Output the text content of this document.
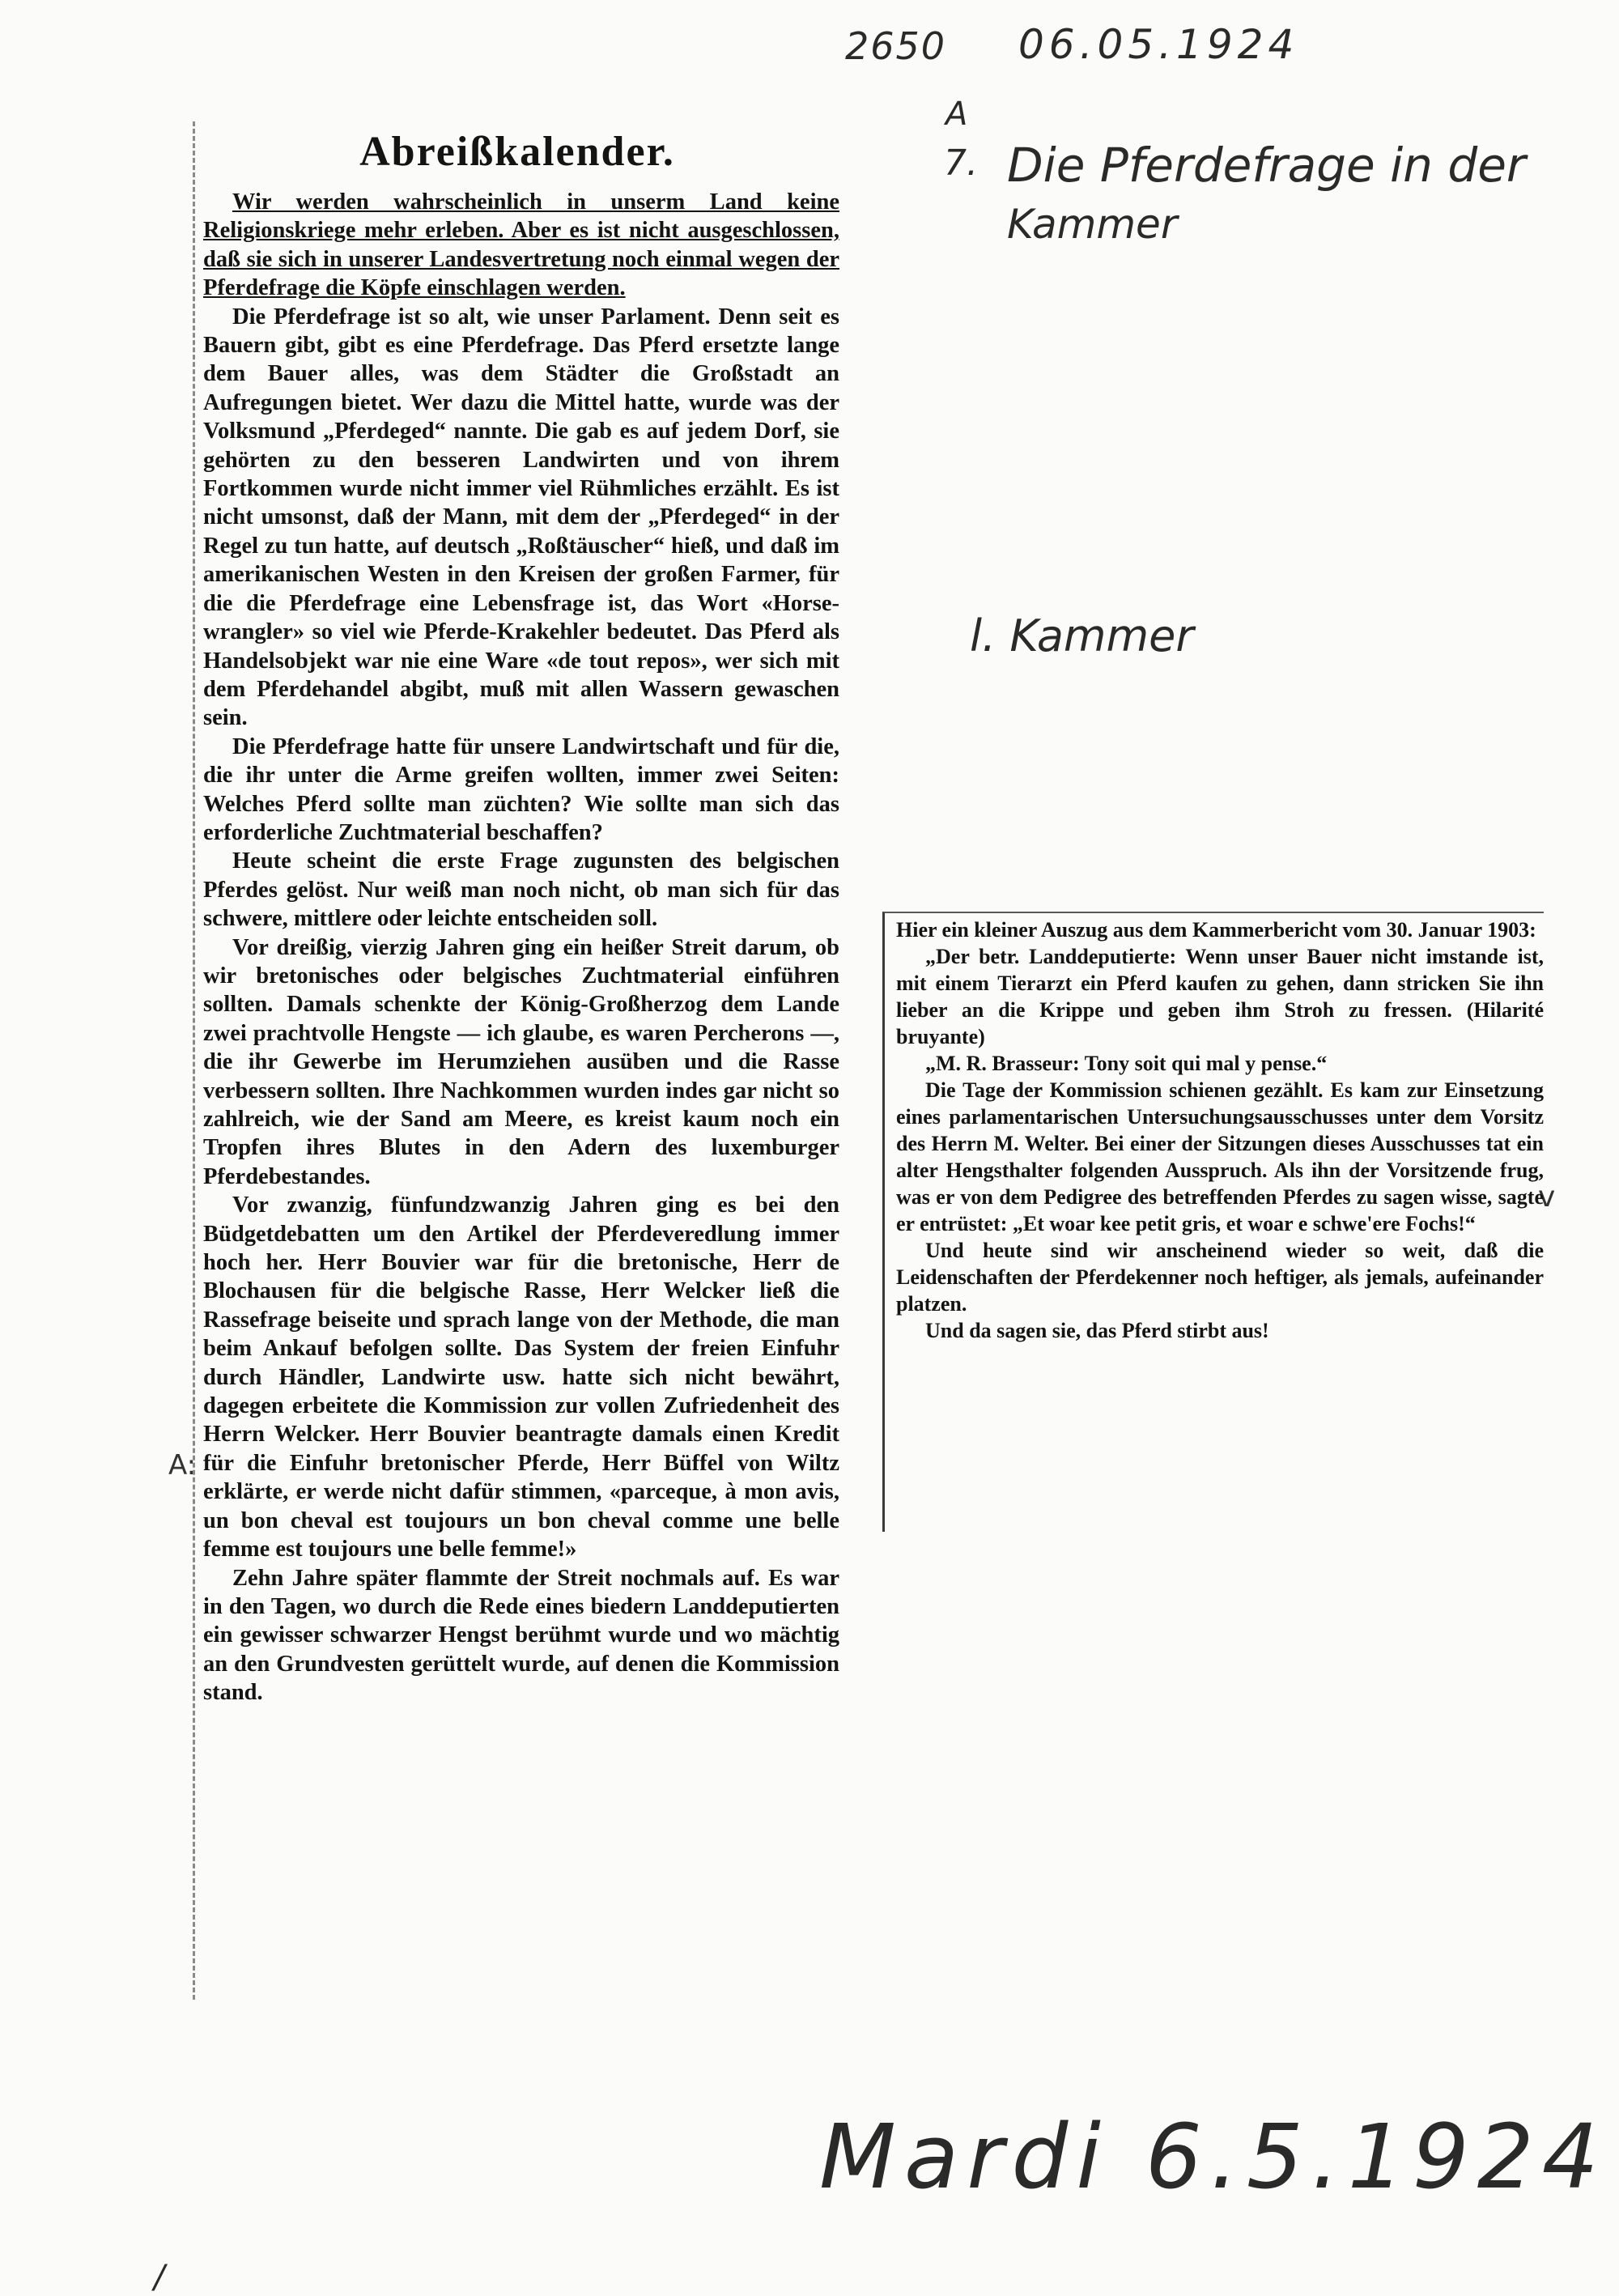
2650 06.05.1924
A
7. Die Pferdefrage in der
Kammer
l. Kammer
Mardi 6.5.1924
/
v
A:
Abreißkalender.

Wir werden wahrscheinlich in unserm Land keine Religionskriege mehr erleben. Aber es ist nicht ausgeschlossen, daß sie sich in unserer Landesvertretung noch einmal wegen der Pferdefrage die Köpfe einschlagen werden.

Die Pferdefrage ist so alt, wie unser Parlament. Denn seit es Bauern gibt, gibt es eine Pferdefrage. Das Pferd ersetzte lange dem Bauer alles, was dem Städter die Großstadt an Aufregungen bietet. Wer dazu die Mittel hatte, wurde was der Volksmund „Pferdeged“ nannte. Die gab es auf jedem Dorf, sie gehörten zu den besseren Landwirten und von ihrem Fortkommen wurde nicht immer viel Rühmliches erzählt. Es ist nicht umsonst, daß der Mann, mit dem der „Pferdeged“ in der Regel zu tun hatte, auf deutsch „Roßtäuscher“ hieß, und daß im amerikanischen Westen in den Kreisen der großen Farmer, für die die Pferdefrage eine Lebensfrage ist, das Wort «Horse-wrangler» so viel wie Pferde-Krakehler bedeutet. Das Pferd als Handelsobjekt war nie eine Ware «de tout repos», wer sich mit dem Pferdehandel abgibt, muß mit allen Wassern gewaschen sein.

Die Pferdefrage hatte für unsere Landwirtschaft und für die, die ihr unter die Arme greifen wollten, immer zwei Seiten: Welches Pferd sollte man züchten? Wie sollte man sich das erforderliche Zuchtmaterial beschaffen?

Heute scheint die erste Frage zugunsten des belgischen Pferdes gelöst. Nur weiß man noch nicht, ob man sich für das schwere, mittlere oder leichte entscheiden soll.

Vor dreißig, vierzig Jahren ging ein heißer Streit darum, ob wir bretonisches oder belgisches Zuchtmaterial einführen sollten. Damals schenkte der König-Großherzog dem Lande zwei prachtvolle Hengste — ich glaube, es waren Percherons —, die ihr Gewerbe im Herumziehen ausüben und die Rasse verbessern sollten. Ihre Nachkommen wurden indes gar nicht so zahlreich, wie der Sand am Meere, es kreist kaum noch ein Tropfen ihres Blutes in den Adern des luxemburger Pferdebestandes.

Vor zwanzig, fünfundzwanzig Jahren ging es bei den Büdgetdebatten um den Artikel der Pferdeveredlung immer hoch her. Herr Bouvier war für die bretonische, Herr de Blochausen für die belgische Rasse, Herr Welcker ließ die Rassefrage beiseite und sprach lange von der Methode, die man beim Ankauf befolgen sollte. Das System der freien Einfuhr durch Händler, Landwirte usw. hatte sich nicht bewährt, dagegen erbeitete die Kommission zur vollen Zufriedenheit des Herrn Welcker. Herr Bouvier beantragte damals einen Kredit für die Einfuhr bretonischer Pferde, Herr Büffel von Wiltz erklärte, er werde nicht dafür stimmen, «parceque, à mon avis, un bon cheval est toujours un bon cheval comme une belle femme est toujours une belle femme!»

Zehn Jahre später flammte der Streit nochmals auf. Es war in den Tagen, wo durch die Rede eines biedern Landdeputierten ein gewisser schwarzer Hengst berühmt wurde und wo mächtig an den Grundvesten gerüttelt wurde, auf denen die Kommission stand.

Hier ein kleiner Auszug aus dem Kammerbericht vom 30. Januar 1903:

„Der betr. Landdeputierte: Wenn unser Bauer nicht imstande ist, mit einem Tierarzt ein Pferd kaufen zu gehen, dann stricken Sie ihn lieber an die Krippe und geben ihm Stroh zu fressen. (Hilarité bruyante)

„M. R. Brasseur: Tony soit qui mal y pense.“

Die Tage der Kommission schienen gezählt. Es kam zur Einsetzung eines parlamentarischen Untersuchungsausschusses unter dem Vorsitz des Herrn M. Welter. Bei einer der Sitzungen dieses Ausschusses tat ein alter Hengsthalter folgenden Ausspruch. Als ihn der Vorsitzende frug, was er von dem Pedigree des betreffenden Pferdes zu sagen wisse, sagte er entrüstet: „Et woar kee petit gris, et woar e schwe'ere Fochs!“

Und heute sind wir anscheinend wieder so weit, daß die Leidenschaften der Pferdekenner noch heftiger, als jemals, aufeinander platzen.

Und da sagen sie, das Pferd stirbt aus!
